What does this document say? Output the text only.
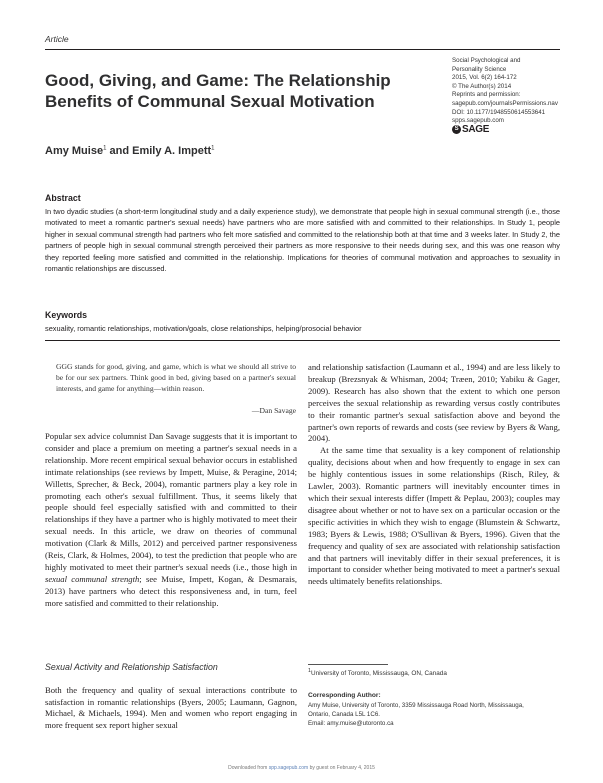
Article
Good, Giving, and Game: The Relationship Benefits of Communal Sexual Motivation
Social Psychological and
Personality Science
2015, Vol. 6(2) 164-172
© The Author(s) 2014
Reprints and permission:
sagepub.com/journalsPermissions.nav
DOI: 10.1177/1948550614553641
spps.sagepub.com
S SAGE
Amy Muise$^1$ and Emily A. Impett$^1$
Abstract
In two dyadic studies (a short-term longitudinal study and a daily experience study), we demonstrate that people high in sexual communal strength (i.e., those motivated to meet a romantic partner's sexual needs) have partners who are more satisfied with and committed to their relationships. In Study 1, people higher in sexual communal strength had partners who felt more satisfied and committed to the relationship both at that time and 3 weeks later. In Study 2, the partners of people high in sexual communal strength perceived their partners as more responsive to their needs during sex, and this was one reason why they reported feeling more satisfied and committed in the relationship. Implications for theories of communal motivation and approaches to sexuality in romantic relationships are discussed.
Keywords
sexuality, romantic relationships, motivation/goals, close relationships, helping/prosocial behavior
GGG stands for good, giving, and game, which is what we should all strive to be for our sex partners. Think good in bed, giving based on a partner's sexual interests, and game for anything—within reason.
—Dan Savage

Popular sex advice columnist Dan Savage suggests that it is important to consider and place a premium on meeting a partner's sexual needs in a relationship. More recent empirical sexual behavior occurs in established intimate relationships (see reviews by Impett, Muise, & Peragine, 2014; Willetts, Sprecher, & Beck, 2004), romantic partners play a key role in promoting each other's sexual fulfillment. Thus, it seems likely that people should feel especially satisfied with and committed to their relationships if they have a partner who is highly motivated to meet their sexual needs. In this article, we draw on theories of communal motivation (Clark & Mills, 2012) and perceived partner responsiveness (Reis, Clark, & Holmes, 2004), to test the prediction that people who are highly motivated to meet their partner's sexual needs (i.e., those high in sexual communal strength; see Muise, Impett, Kogan, & Desmarais, 2013) have partners who detect this responsiveness and, in turn, feel more satisfied and committed to their relationship.

Sexual Activity and Relationship Satisfaction

Both the frequency and quality of sexual interactions contribute to satisfaction in romantic relationships (Byers, 2005; Laumann, Gagnon, Michael, & Michaels, 1994). Men and women who report engaging in more frequent sex report higher sexual

and relationship satisfaction (Laumann et al., 1994) and are less likely to breakup (Brezsnyak & Whisman, 2004; Træen, 2010; Yabiku & Gager, 2009). Research has also shown that the extent to which one person perceives the sexual relationship as rewarding versus costly contributes to their romantic partner's sexual satisfaction above and beyond the partner's own reports of rewards and costs (see review by Byers & Wang, 2004).

At the same time that sexuality is a key component of relationship quality, decisions about when and how frequently to engage in sex can be highly contentious issues in some relationships (Risch, Riley, & Lawler, 2003). Romantic partners will inevitably encounter times in which their sexual interests differ (Impett & Peplau, 2003); couples may disagree about whether or not to have sex on a particular occasion or the specific activities in which they wish to engage (Blumstein & Schwartz, 1983; Byers & Lewis, 1988; O'Sullivan & Byers, 1996). Given that the frequency and quality of sex are associated with relationship satisfaction and that partners will inevitably differ in their sexual preferences, it is important to consider whether being motivated to meet a partner's sexual needs ultimately benefits relationships.

$^1$University of Toronto, Mississauga, ON, Canada
Corresponding Author:
Amy Muise, University of Toronto, 3359 Mississauga Road North, Mississauga,
Ontario, Canada L5L 1C6.
Email: amy.muise@utoronto.ca
Downloaded from spp.sagepub.com by guest on February 4, 2015
